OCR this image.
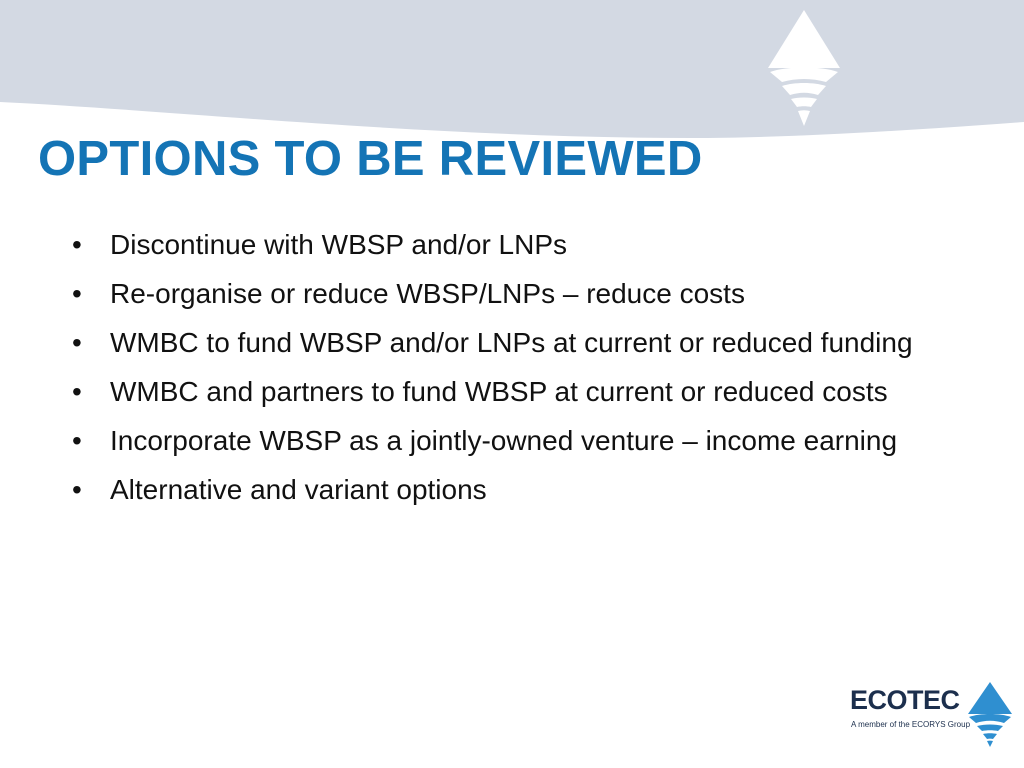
OPTIONS TO BE REVIEWED
•	Discontinue with WBSP and/or LNPs
•	Re-organise or reduce WBSP/LNPs – reduce costs
•	WMBC to fund WBSP and/or LNPs at current or reduced funding
•	WMBC and partners to fund WBSP at current or reduced costs
•	Incorporate WBSP as a jointly-owned venture – income earning
•	Alternative and variant options
ECOTEC
A member of the ECORYS Group
